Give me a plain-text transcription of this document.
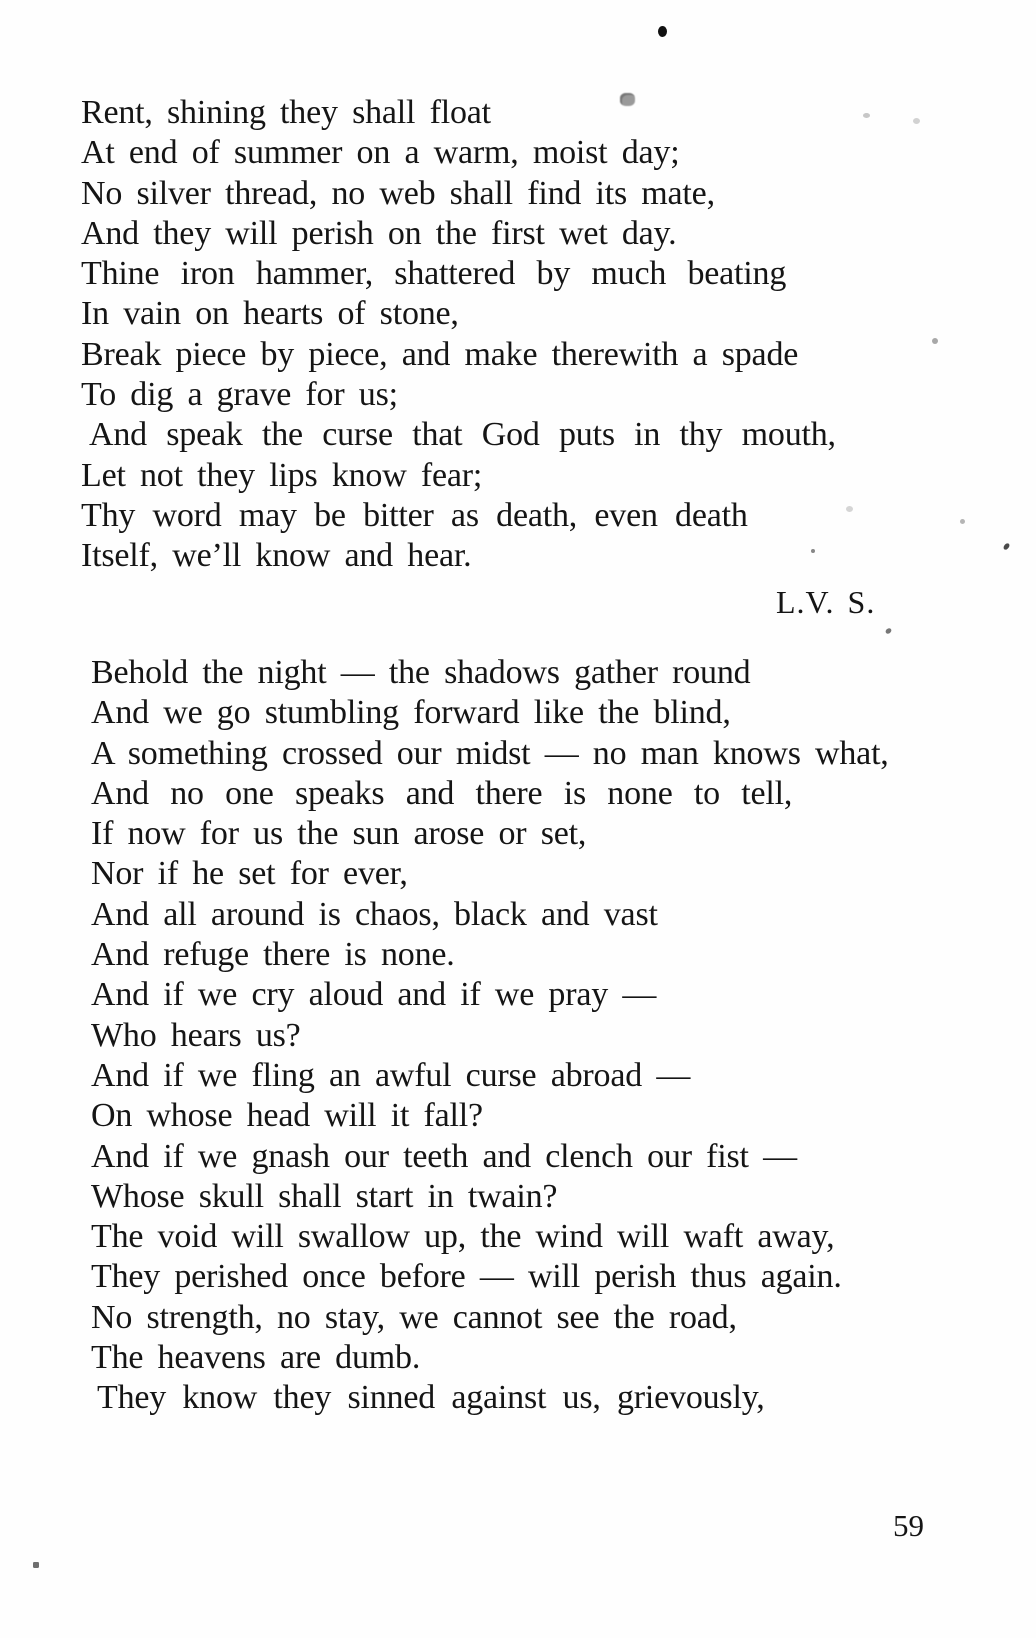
Rent, shining they shall float
At end of summer on a warm, moist day;
No silver thread, no web shall find its mate,
And they will perish on the first wet day.
Thine iron hammer, shattered by much beating
In vain on hearts of stone,
Break piece by piece, and make therewith a spade
To dig a grave for us;
And speak the curse that God puts in thy mouth,
Let not they lips know fear;
Thy word may be bitter as death, even death
Itself, we’ll know and hear.
L.V. S.
Behold the night — the shadows gather round
And we go stumbling forward like the blind,
A something crossed our midst — no man knows what,
And no one speaks and there is none to tell,
If now for us the sun arose or set,
Nor if he set for ever,
And all around is chaos, black and vast
And refuge there is none.
And if we cry aloud and if we pray —
Who hears us?
And if we fling an awful curse abroad —
On whose head will it fall?
And if we gnash our teeth and clench our fist —
Whose skull shall start in twain?
The void will swallow up, the wind will waft away,
They perished once before — will perish thus again.
No strength, no stay, we cannot see the road,
The heavens are dumb.
They know they sinned against us, grievously,
59
